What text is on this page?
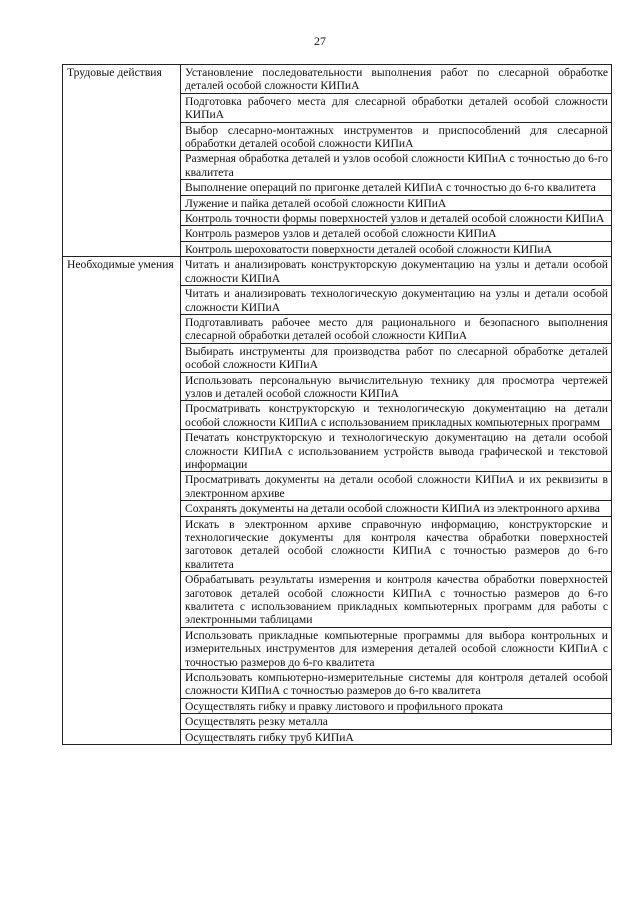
27
Трудовые действия	Установление последовательности выполнения работ по слесарной обработке деталей особой сложности КИПиА
	Подготовка рабочего места для слесарной обработки деталей особой сложности КИПиА
	Выбор слесарно-монтажных инструментов и приспособлений для слесарной обработки деталей особой сложности КИПиА
	Размерная обработка деталей и узлов особой сложности КИПиА с точностью до 6-го квалитета
	Выполнение операций по пригонке деталей КИПиА с точностью до 6-го квалитета
	Лужение и пайка деталей особой сложности КИПиА
	Контроль точности формы поверхностей узлов и деталей особой сложности КИПиА
	Контроль размеров узлов и деталей особой сложности КИПиА
	Контроль шероховатости поверхности деталей особой сложности КИПиА
Необходимые умения	Читать и анализировать конструкторскую документацию на узлы и детали особой сложности КИПиА
	Читать и анализировать технологическую документацию на узлы и детали особой сложности КИПиА
	Подготавливать рабочее место для рационального и безопасного выполнения слесарной обработки деталей особой сложности КИПиА
	Выбирать инструменты для производства работ по слесарной обработке деталей особой сложности КИПиА
	Использовать персональную вычислительную технику для просмотра чертежей узлов и деталей особой сложности КИПиА
	Просматривать конструкторскую и технологическую документацию на детали особой сложности КИПиА с использованием прикладных компьютерных программ
	Печатать конструкторскую и технологическую документацию на детали особой сложности КИПиА с использованием устройств вывода графической и текстовой информации
	Просматривать документы на детали особой сложности КИПиА и их реквизиты в электронном архиве
	Сохранять документы на детали особой сложности КИПиА из электронного архива
	Искать в электронном архиве справочную информацию, конструкторские и технологические документы для контроля качества обработки поверхностей заготовок деталей особой сложности КИПиА с точностью размеров до 6-го квалитета
	Обрабатывать результаты измерения и контроля качества обработки поверхностей заготовок деталей особой сложности КИПиА с точностью размеров до 6-го квалитета с использованием прикладных компьютерных программ для работы с электронными таблицами
	Использовать прикладные компьютерные программы для выбора контрольных и измерительных инструментов для измерения деталей особой сложности КИПиА с точностью размеров до 6-го квалитета
	Использовать компьютерно-измерительные системы для контроля деталей особой сложности КИПиА с точностью размеров до 6-го квалитета
	Осуществлять гибку и правку листового и профильного проката
	Осуществлять резку металла
	Осуществлять гибку труб КИПиА
